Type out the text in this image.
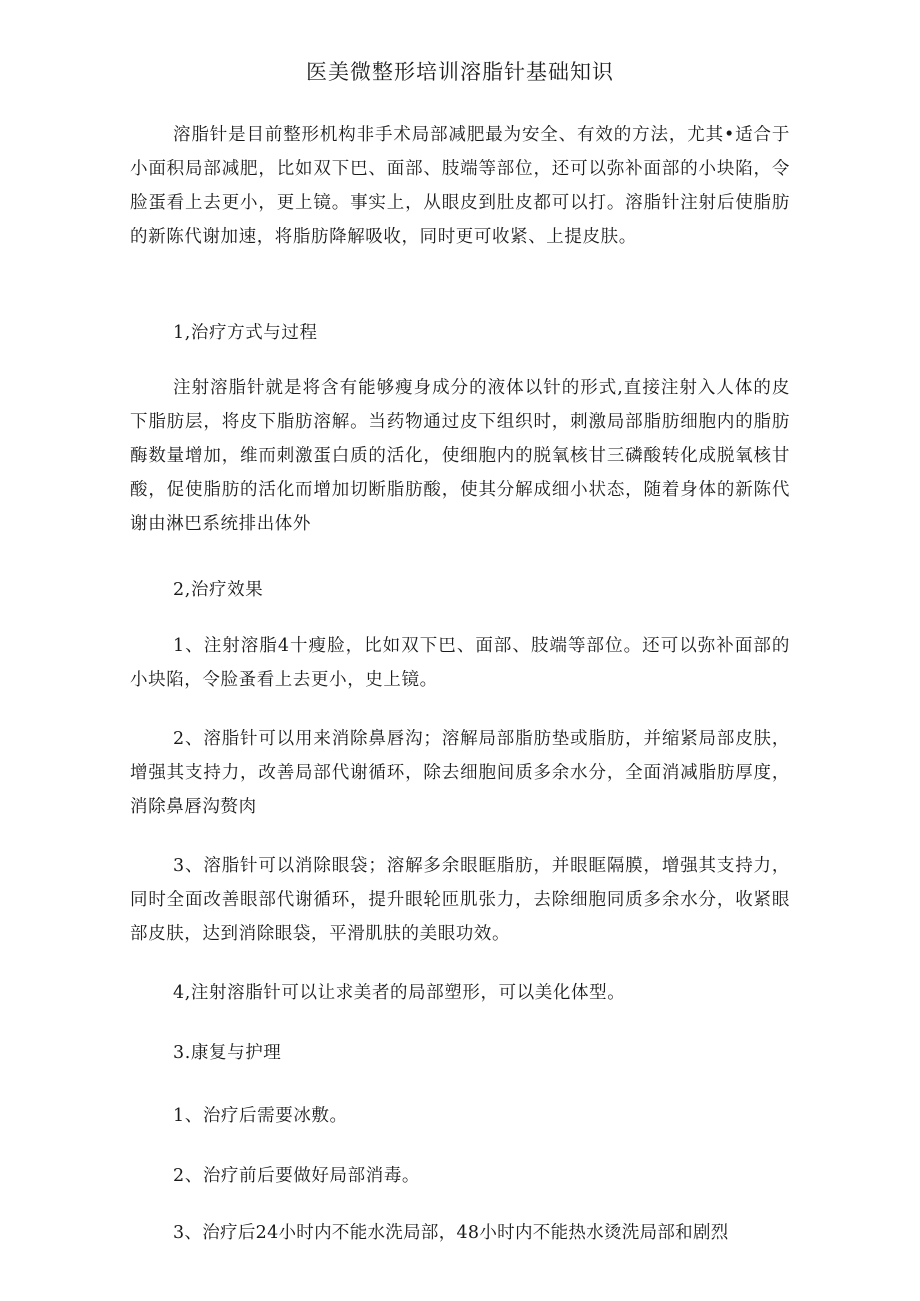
医美微整形培训溶脂针基础知识

溶脂针是目前整形机构非手术局部减肥最为安全、有效的方法，尤其•适合于小面积局部减肥，比如双下巴、面部、肢端等部位，还可以弥补面部的小块陷，令脸蛋看上去更小，更上镜。事实上，从眼皮到肚皮都可以打。溶脂针注射后使脂肪的新陈代谢加速，将脂肪降解吸收，同时更可收紧、上提皮肤。

1,治疗方式与过程

注射溶脂针就是将含有能够瘦身成分的液体以针的形式,直接注射入人体的皮下脂肪层，将皮下脂肪溶解。当药物通过皮下组织时，刺激局部脂肪细胞内的脂肪酶数量增加，维而刺激蛋白质的活化，使细胞内的脱氧核甘三磷酸转化成脱氧核甘酸，促使脂肪的活化而增加切断脂肪酸，使其分解成细小状态，随着身体的新陈代谢由淋巴系统排出体外

2,治疗效果

1、注射溶脂4十瘦脸，比如双下巴、面部、肢端等部位。还可以弥补面部的小块陷，令脸蚤看上去更小，史上镜。

2、溶脂针可以用来消除鼻唇沟；溶解局部脂肪垫或脂肪，并缩紧局部皮肤，增强其支持力，改善局部代谢循环，除去细胞间质多余水分，全面消减脂肪厚度，消除鼻唇沟赘肉

3、溶脂针可以消除眼袋；溶解多余眼眶脂肪，并眼眶隔膜，增强其支持力，同时全面改善眼部代谢循环，提升眼轮匝肌张力，去除细胞同质多余水分，收紧眼部皮肤，达到消除眼袋，平滑肌肤的美眼功效。

4,注射溶脂针可以让求美者的局部塑形，可以美化体型。

3.康复与护理

1、治疗后需要冰敷。

2、治疗前后要做好局部消毒。

3、治疗后24小时内不能水洗局部，48小时内不能热水烫洗局部和剧烈
